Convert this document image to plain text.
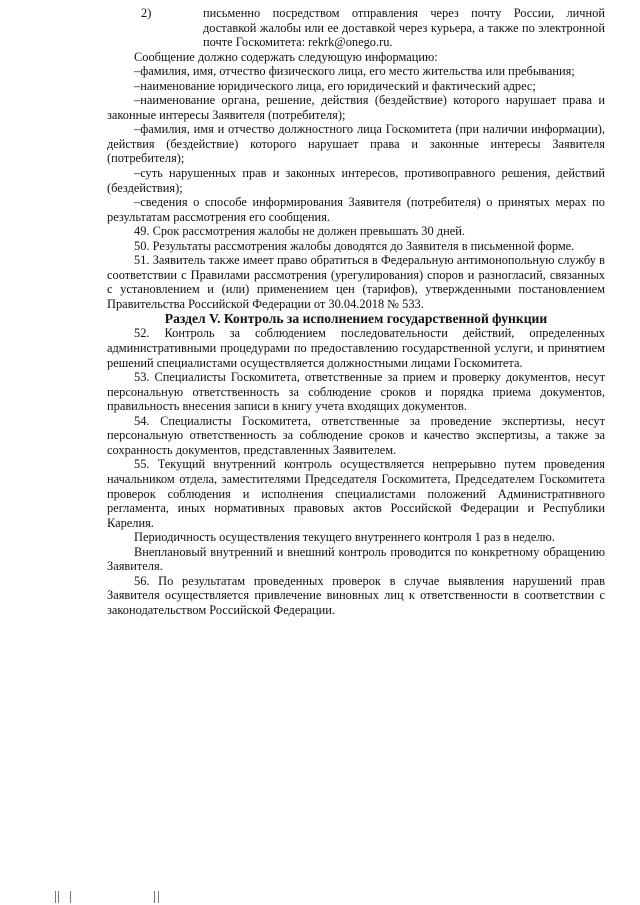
2)	письменно посредством отправления через почту России, личной доставкой жалобы или ее доставкой через курьера, а также по электронной почте Госкомитета: rekrk@onego.ru.

Сообщение должно содержать следующую информацию:

–фамилия, имя, отчество физического лица, его место жительства или пребывания;

–наименование юридического лица, его юридический и фактический адрес;

–наименование органа, решение, действия (бездействие) которого нарушает права и законные интересы Заявителя (потребителя);

–фамилия, имя и отчество должностного лица Госкомитета (при наличии информации), действия (бездействие) которого нарушает права и законные интересы Заявителя (потребителя);

–суть нарушенных прав и законных интересов, противоправного решения, действий (бездействия);

–сведения о способе информирования Заявителя (потребителя) о принятых мерах по результатам рассмотрения его сообщения.

49. Срок рассмотрения жалобы не должен превышать 30 дней.

50. Результаты рассмотрения жалобы доводятся до Заявителя в письменной форме.

51. Заявитель также имеет право обратиться в Федеральную антимонопольную службу в соответствии с Правилами рассмотрения (урегулирования) споров и разногласий, связанных с установлением и (или) применением цен (тарифов), утвержденными постановлением Правительства Российской Федерации от 30.04.2018 № 533.

Раздел V. Контроль за исполнением государственной функции

52. Контроль за соблюдением последовательности действий, определенных административными процедурами по предоставлению государственной услуги, и принятием решений специалистами осуществляется должностными лицами Госкомитета.

53. Специалисты Госкомитета, ответственные за прием и проверку документов, несут персональную ответственность за соблюдение сроков и порядка приема документов, правильность внесения записи в книгу учета входящих документов.

54. Специалисты Госкомитета, ответственные за проведение экспертизы, несут персональную ответственность за соблюдение сроков и качество экспертизы, а также за сохранность документов, представленных Заявителем.

55. Текущий внутренний контроль осуществляется непрерывно путем проведения начальником отдела, заместителями Председателя Госкомитета, Председателем Госкомитета проверок соблюдения и исполнения специалистами положений Административного регламента, иных нормативных правовых актов Российской Федерации и Республики Карелия.

Периодичность осуществления текущего внутреннего контроля 1 раз в неделю.

Внеплановый внутренний и внешний контроль проводится по конкретному обращению Заявителя.

56. По результатам проведенных проверок в случае выявления нарушений прав Заявителя осуществляется привлечение виновных лиц к ответственности в соответствии с законодательством Российской Федерации.
